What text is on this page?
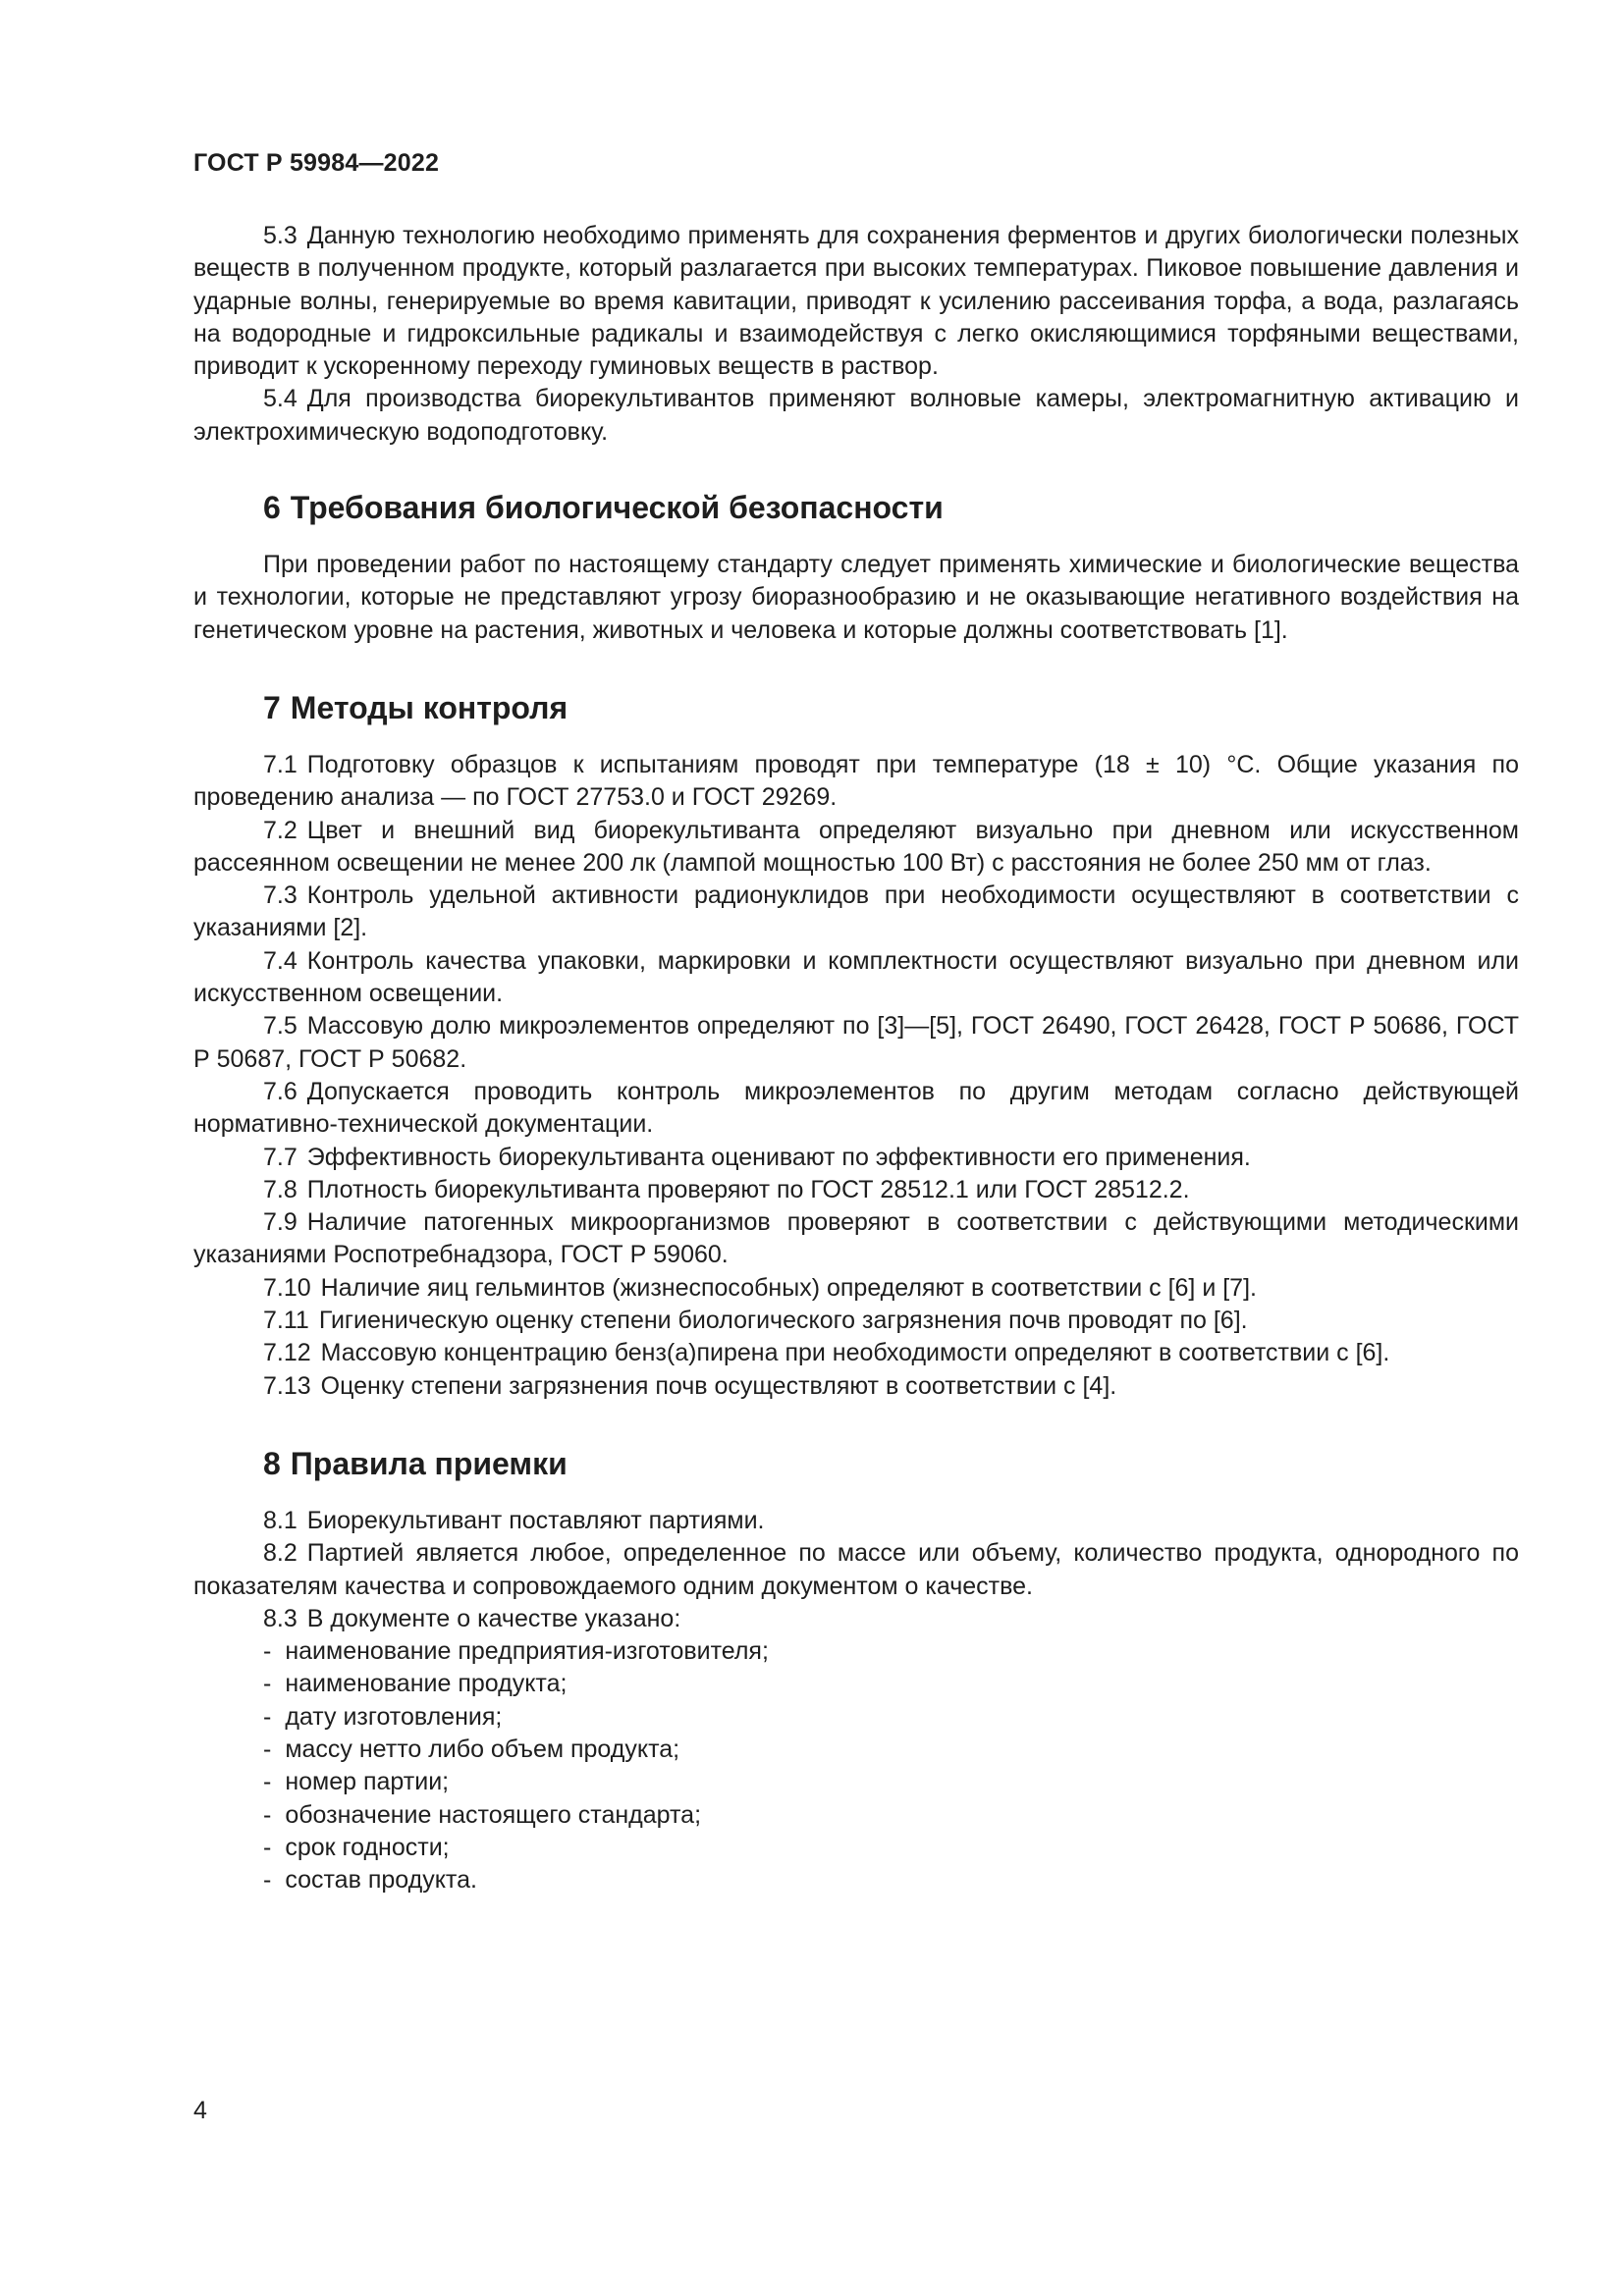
ГОСТ Р 59984—2022

5.3 Данную технологию необходимо применять для сохранения ферментов и других биологически полезных веществ в полученном продукте, который разлагается при высоких температурах. Пиковое повышение давления и ударные волны, генерируемые во время кавитации, приводят к усилению рассеивания торфа, а вода, разлагаясь на водородные и гидроксильные радикалы и взаимодействуя с легко окисляющимися торфяными веществами, приводит к ускоренному переходу гуминовых веществ в раствор.

5.4 Для производства биорекультивантов применяют волновые камеры, электромагнитную активацию и электрохимическую водоподготовку.

6 Требования биологической безопасности

При проведении работ по настоящему стандарту следует применять химические и биологические вещества и технологии, которые не представляют угрозу биоразнообразию и не оказывающие негативного воздействия на генетическом уровне на растения, животных и человека и которые должны соответствовать [1].

7 Методы контроля

7.1 Подготовку образцов к испытаниям проводят при температуре (18 ± 10) °С. Общие указания по проведению анализа — по ГОСТ 27753.0 и ГОСТ 29269.

7.2 Цвет и внешний вид биорекультиванта определяют визуально при дневном или искусственном рассеянном освещении не менее 200 лк (лампой мощностью 100 Вт) с расстояния не более 250 мм от глаз.

7.3 Контроль удельной активности радионуклидов при необходимости осуществляют в соответствии с указаниями [2].

7.4 Контроль качества упаковки, маркировки и комплектности осуществляют визуально при дневном или искусственном освещении.

7.5 Массовую долю микроэлементов определяют по [3]—[5], ГОСТ 26490, ГОСТ 26428, ГОСТ Р 50686, ГОСТ Р 50687, ГОСТ Р 50682.

7.6 Допускается проводить контроль микроэлементов по другим методам согласно действующей нормативно-технической документации.

7.7 Эффективность биорекультиванта оценивают по эффективности его применения.

7.8 Плотность биорекультиванта проверяют по ГОСТ 28512.1 или ГОСТ 28512.2.

7.9 Наличие патогенных микроорганизмов проверяют в соответствии с действующими методическими указаниями Роспотребнадзора, ГОСТ Р 59060.

7.10 Наличие яиц гельминтов (жизнеспособных) определяют в соответствии с [6] и [7].

7.11 Гигиеническую оценку степени биологического загрязнения почв проводят по [6].

7.12 Массовую концентрацию бенз(а)пирена при необходимости определяют в соответствии с [6].

7.13 Оценку степени загрязнения почв осуществляют в соответствии с [4].

8 Правила приемки

8.1 Биорекультивант поставляют партиями.

8.2 Партией является любое, определенное по массе или объему, количество продукта, однородного по показателям качества и сопровождаемого одним документом о качестве.

8.3 В документе о качестве указано:

- наименование предприятия-изготовителя;
- наименование продукта;
- дату изготовления;
- массу нетто либо объем продукта;
- номер партии;
- обозначение настоящего стандарта;
- срок годности;
- состав продукта.
4
